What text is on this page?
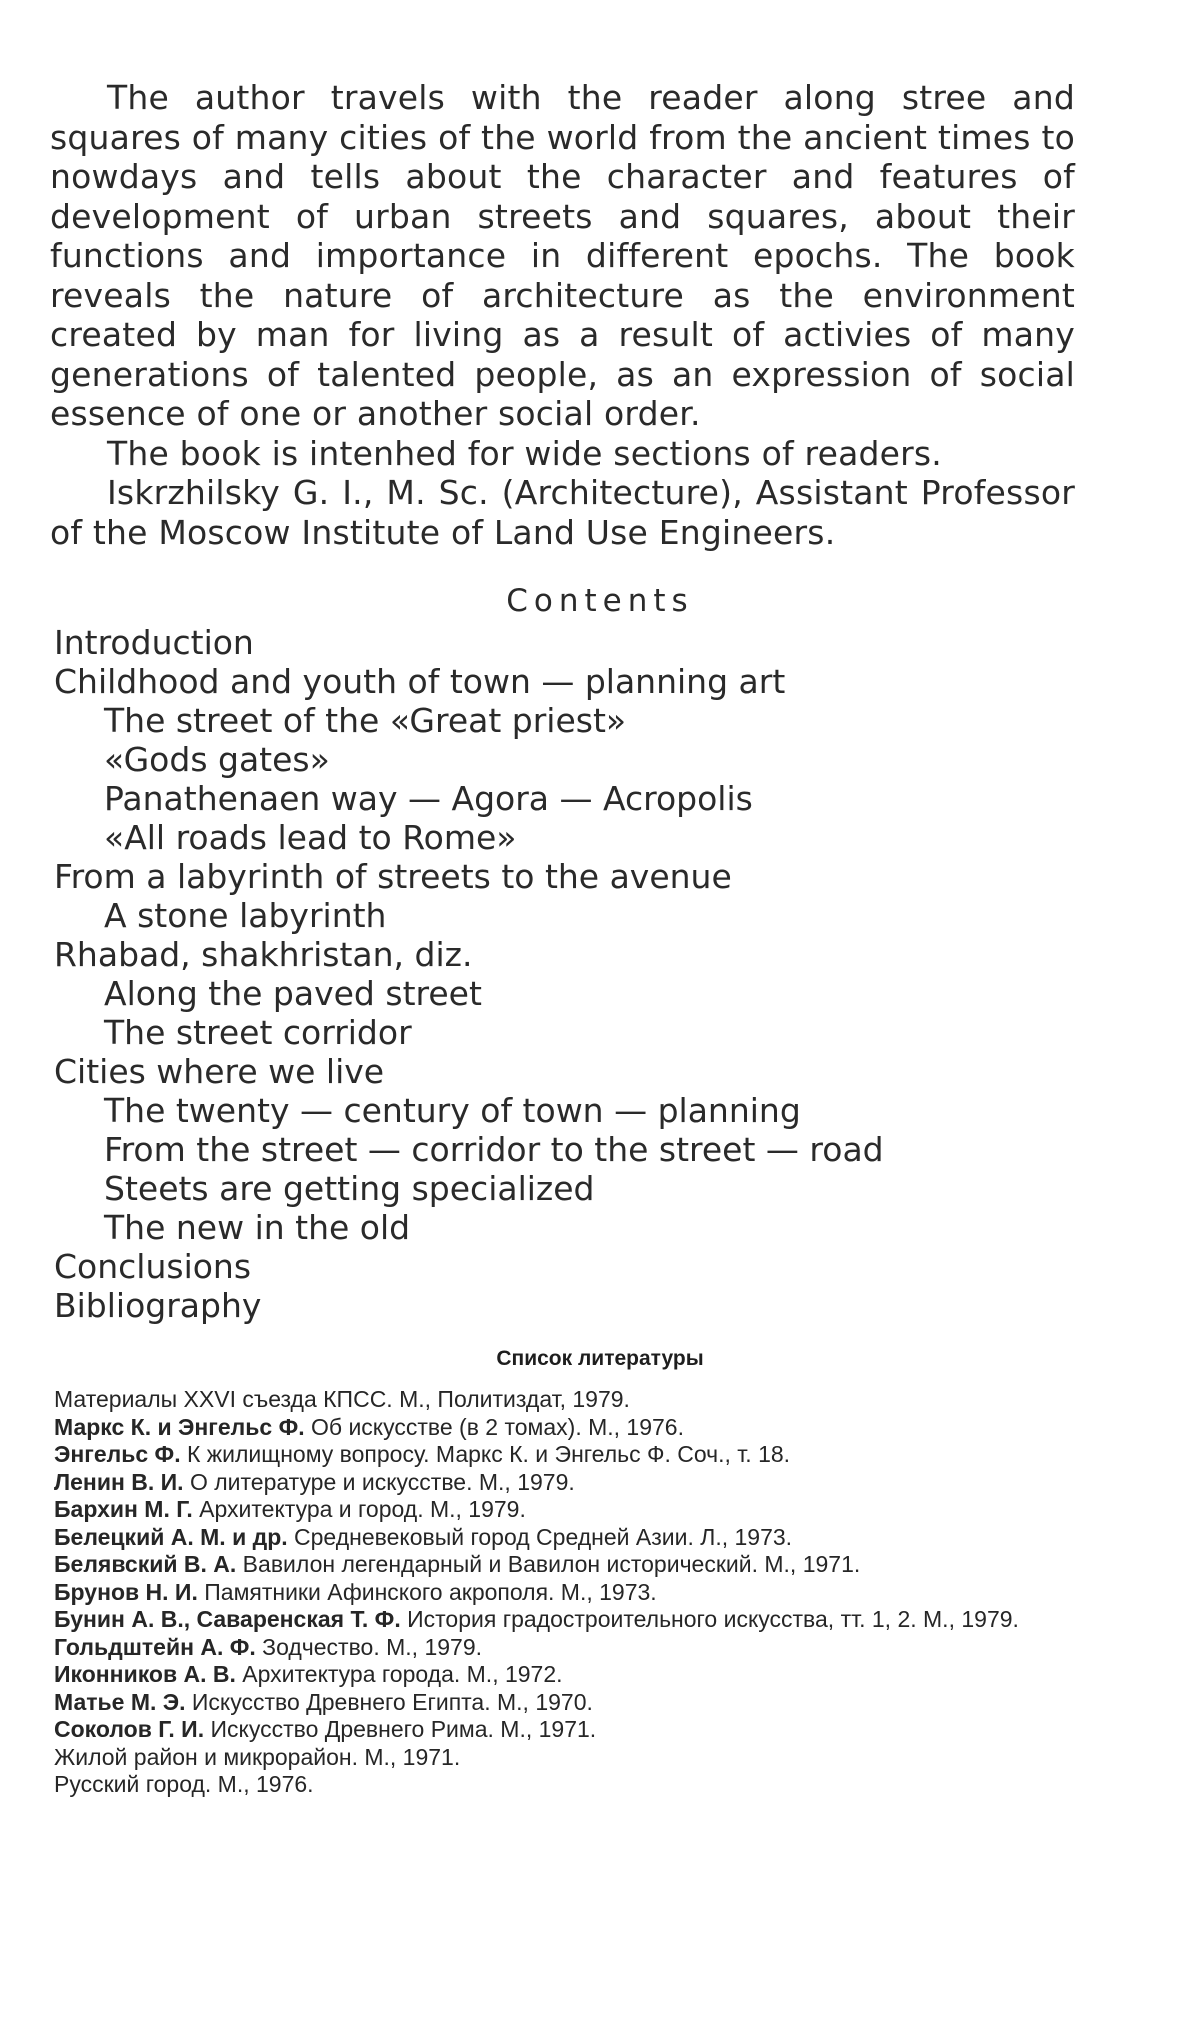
The author travels with the reader along stree and squares of many cities of the world from the ancient times to nowdays and tells about the character and features of development of urban streets and squares, about their functions and importance in different epochs. The book reveals the nature of architecture as the environment created by man for living as a result of activies of many generations of talented people, as an expression of social essence of one or another social order.

The book is intenhed for wide sections of readers.

Iskrzhilsky G. I., M. Sc. (Architecture), Assistant Professor of the Moscow Institute of Land Use Engineers.

Contents
Introduction
Childhood and youth of town — planning art
The street of the «Great priest»
«Gods gates»
Panathenaen way — Agora — Acropolis
«All roads lead to Rome»
From a labyrinth of streets to the avenue
A stone labyrinth
Rhabad, shakhristan, diz.
Along the paved street
The street corridor
Cities where we live
The twenty — century of town — planning
From the street — corridor to the street — road
Steets are getting specialized
The new in the old
Conclusions
Bibliography
Список литературы
Материалы XXVI съезда КПСС. М., Политиздат, 1979.
Маркс К. и Энгельс Ф. Об искусстве (в 2 томах). М., 1976.
Энгельс Ф. К жилищному вопросу. Маркс К. и Энгельс Ф. Соч., т. 18.
Ленин В. И. О литературе и искусстве. М., 1979.
Бархин М. Г. Архитектура и город. М., 1979.
Белецкий А. М. и др. Средневековый город Средней Азии. Л., 1973.
Белявский В. А. Вавилон легендарный и Вавилон исторический. М., 1971.
Брунов Н. И. Памятники Афинского акрополя. М., 1973.
Бунин А. В., Саваренская Т. Ф. История градостроительного искусства, тт. 1, 2. М., 1979.
Гольдштейн А. Ф. Зодчество. М., 1979.
Иконников А. В. Архитектура города. М., 1972.
Матье М. Э. Искусство Древнего Египта. М., 1970.
Соколов Г. И. Искусство Древнего Рима. М., 1971.
Жилой район и микрорайон. М., 1971.
Русский город. М., 1976.
